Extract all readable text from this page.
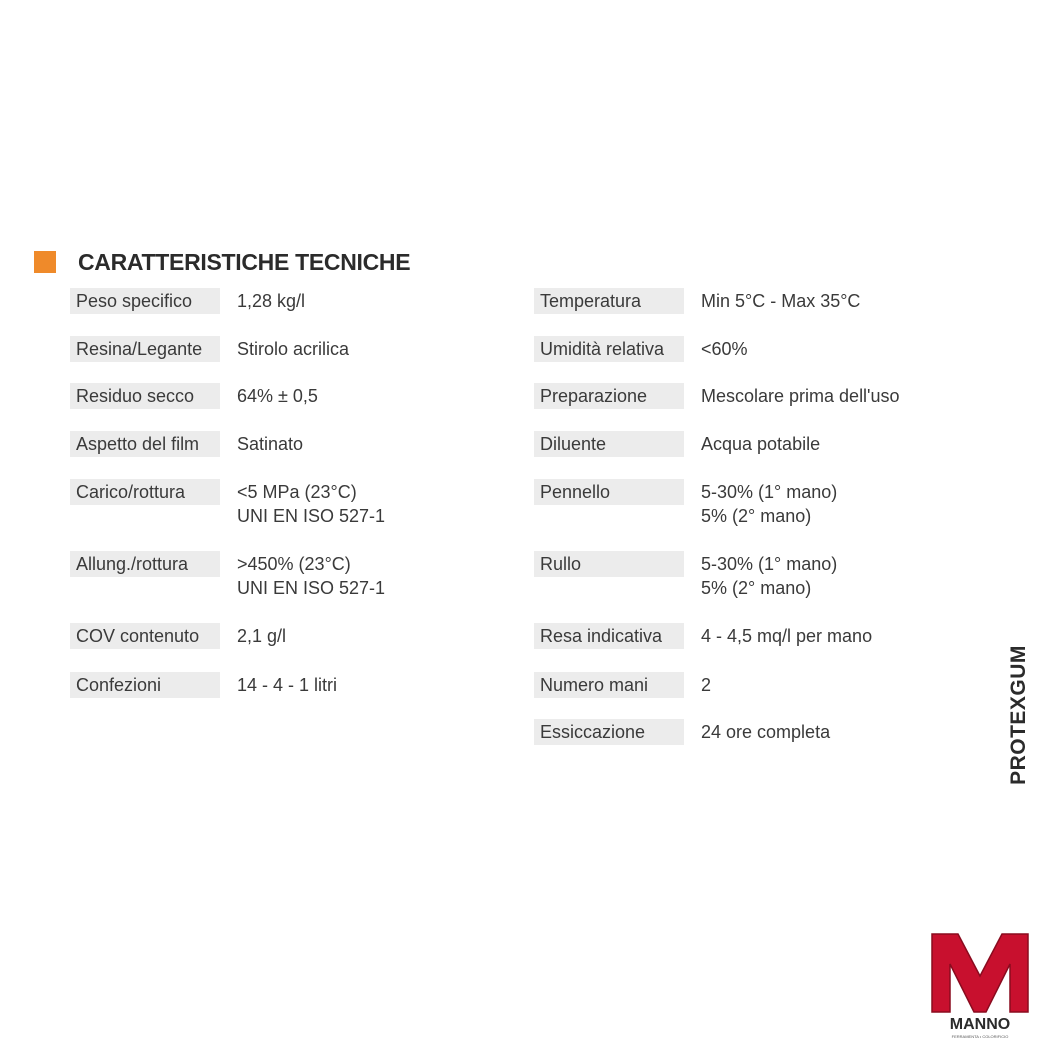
CARATTERISTICHE TECNICHE
Peso specifico	1,28 kg/l
Resina/Legante	Stirolo acrilica
Residuo secco	64% ± 0,5
Aspetto del film	Satinato
Carico/rottura	<5 MPa (23°C)
UNI EN ISO 527-1
Allung./rottura	>450% (23°C)
UNI EN ISO 527-1
COV contenuto	2,1 g/l
Confezioni	14 - 4 - 1 litri
Temperatura	Min 5°C - Max 35°C
Umidità relativa	<60%
Preparazione	Mescolare prima dell'uso
Diluente	Acqua potabile
Pennello	5-30% (1° mano)
5% (2° mano)
Rullo	5-30% (1° mano)
5% (2° mano)
Resa indicativa	4 - 4,5 mq/l per mano
Numero mani	2
Essiccazione	24 ore completa	PROTEXGUM
MANNO
FERRAMENTA • COLORIFICIO
